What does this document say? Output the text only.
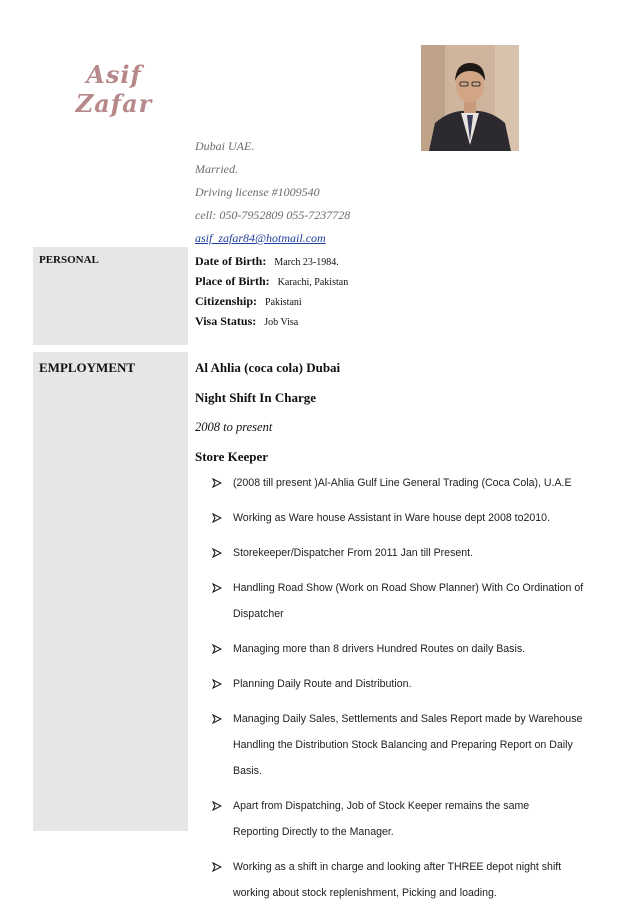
Asif
Zafar
Dubai UAE.
Married.
Driving license #1009540
cell: 050-7952809 055-7237728
asif_zafar84@hotmail.com
PERSONAL
EMPLOYMENT
Date of Birth: March 23-1984.
Place of Birth: Karachi, Pakistan
Citizenship: Pakistani
Visa Status: Job Visa
Al Ahlia (coca cola) Dubai
Night Shift In Charge
2008 to present
Store Keeper
(2008 till present )Al-Ahlia Gulf Line General Trading (Coca Cola), U.A.E
Working as Ware house Assistant in Ware house dept 2008 to2010.
Storekeeper/Dispatcher From 2011 Jan till Present.
Handling Road Show (Work on Road Show Planner) With Co Ordination of
Dispatcher
Managing more than 8 drivers Hundred Routes on daily Basis.
Planning Daily Route and Distribution.
Managing Daily Sales, Settlements and Sales Report made by Warehouse
Handling the Distribution Stock Balancing and Preparing Report on Daily
Basis.
Apart from Dispatching, Job of Stock Keeper remains the same
Reporting Directly to the Manager.
Working as a shift in charge and looking after THREE depot night shift
working about stock replenishment, Picking and loading.
